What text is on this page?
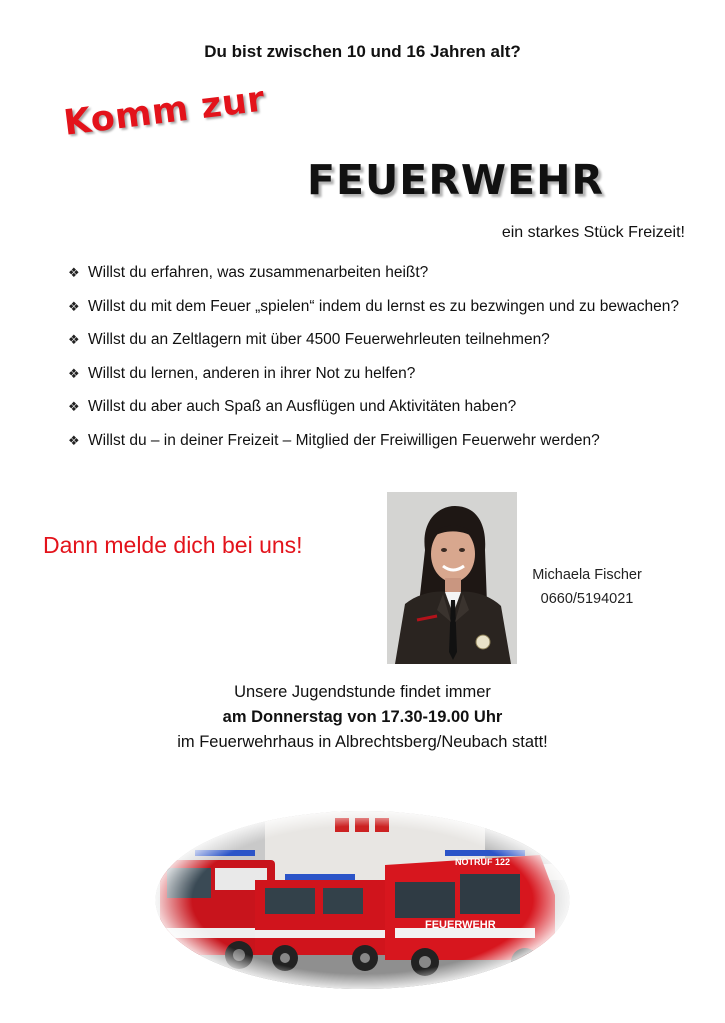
Du bist zwischen 10 und 16 Jahren alt?
Komm zur
FEUERWEHR
ein starkes Stück Freizeit!
❖ Willst du erfahren, was zusammenarbeiten heißt?
❖ Willst du mit dem Feuer „spielen“ indem du lernst es zu bezwingen und zu bewachen?
❖ Willst du an Zeltlagern mit über 4500 Feuerwehrleuten teilnehmen?
❖ Willst du lernen, anderen in ihrer Not zu helfen?
❖ Willst du aber auch Spaß an Ausflügen und Aktivitäten haben?
❖ Willst du – in deiner Freizeit – Mitglied der Freiwilligen Feuerwehr werden?
Dann melde dich bei uns!
Michaela Fischer
0660/5194021
Unsere Jugendstunde findet immer
am Donnerstag von 17.30-19.00 Uhr
im Feuerwehrhaus in Albrechtsberg/Neubach statt!
